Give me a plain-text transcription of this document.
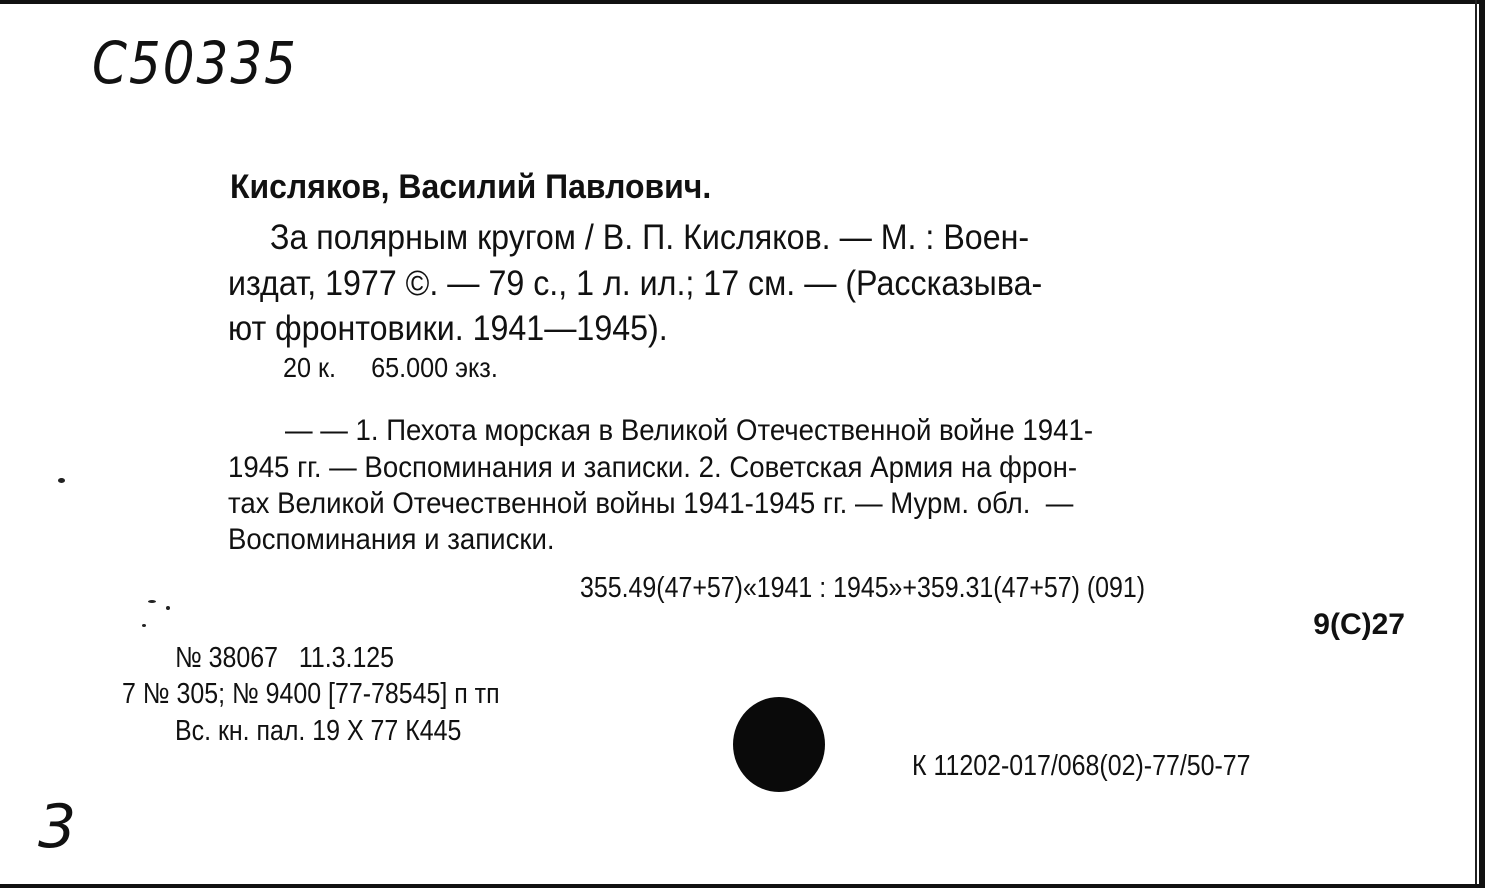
C50335
Кисляков, Василий Павлович.
За полярным кругом / В. П. Кисляков. — М. : Воен-
издат, 1977 ©. — 79 с., 1 л. ил.; 17 см. — (Рассказыва-
ют фронтовики. 1941—1945).
20 к.     65.000 экз.
— — 1. Пехота морская в Великой Отечественной войне 1941-
1945 гг. — Воспоминания и записки. 2. Советская Армия на фрон-
тах Великой Отечественной войны 1941-1945 гг. — Мурм. обл.  —
Воспоминания и записки.
355.49(47+57)«1941 : 1945»+359.31(47+57) (091)
9(С)27
№ 38067   11.3.125
7 № 305; № 9400 [77-78545] п тп
Вс. кн. пал. 19 X 77 К445
К 11202-017/068(02)-77/50-77
3
